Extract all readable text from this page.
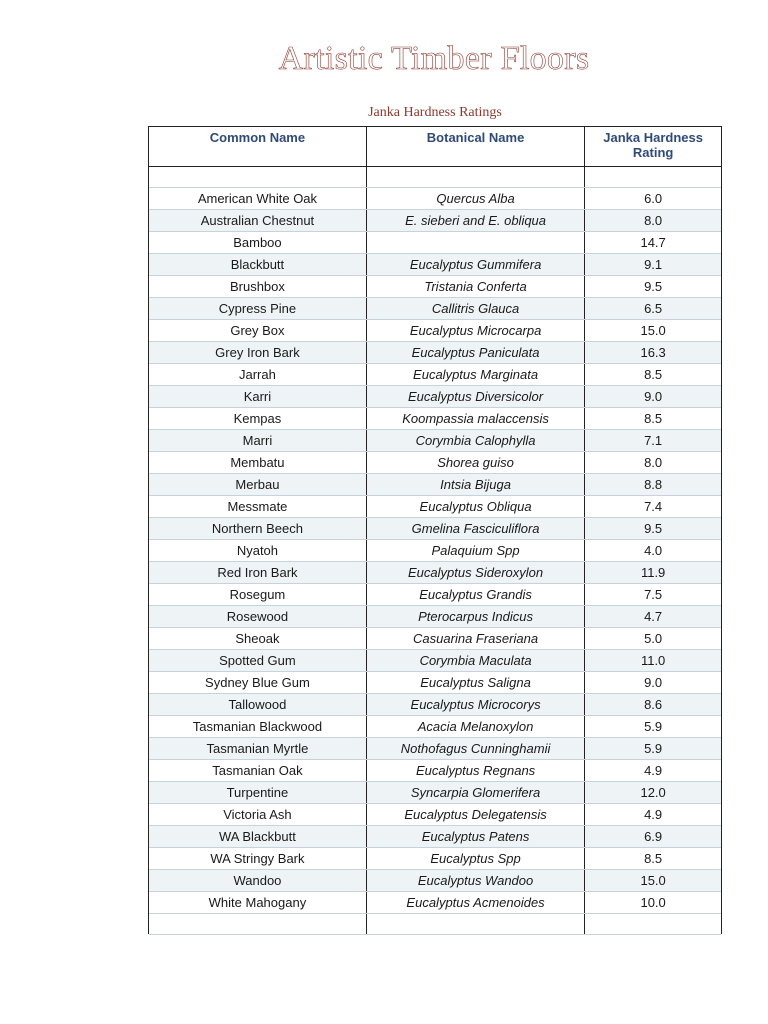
Artistic Timber Floors
Janka Hardness Ratings
Common Name	Botanical Name	Janka Hardness Rating

American White Oak	Quercus Alba	6.0
Australian Chestnut	E. sieberi and E. obliqua	8.0
Bamboo		14.7
Blackbutt	Eucalyptus Gummifera	9.1
Brushbox	Tristania Conferta	9.5
Cypress Pine	Callitris Glauca	6.5
Grey Box	Eucalyptus Microcarpa	15.0
Grey Iron Bark	Eucalyptus Paniculata	16.3
Jarrah	Eucalyptus Marginata	8.5
Karri	Eucalyptus Diversicolor	9.0
Kempas	Koompassia malaccensis	8.5
Marri	Corymbia Calophylla	7.1
Membatu	Shorea guiso	8.0
Merbau	Intsia Bijuga	8.8
Messmate	Eucalyptus Obliqua	7.4
Northern Beech	Gmelina Fasciculiflora	9.5
Nyatoh	Palaquium Spp	4.0
Red Iron Bark	Eucalyptus Sideroxylon	11.9
Rosegum	Eucalyptus Grandis	7.5
Rosewood	Pterocarpus Indicus	4.7
Sheoak	Casuarina Fraseriana	5.0
Spotted Gum	Corymbia Maculata	11.0
Sydney Blue Gum	Eucalyptus Saligna	9.0
Tallowood	Eucalyptus Microcorys	8.6
Tasmanian Blackwood	Acacia Melanoxylon	5.9
Tasmanian Myrtle	Nothofagus Cunninghamii	5.9
Tasmanian Oak	Eucalyptus Regnans	4.9
Turpentine	Syncarpia Glomerifera	12.0
Victoria Ash	Eucalyptus Delegatensis	4.9
WA Blackbutt	Eucalyptus Patens	6.9
WA Stringy Bark	Eucalyptus Spp	8.5
Wandoo	Eucalyptus Wandoo	15.0
White Mahogany	Eucalyptus Acmenoides	10.0
